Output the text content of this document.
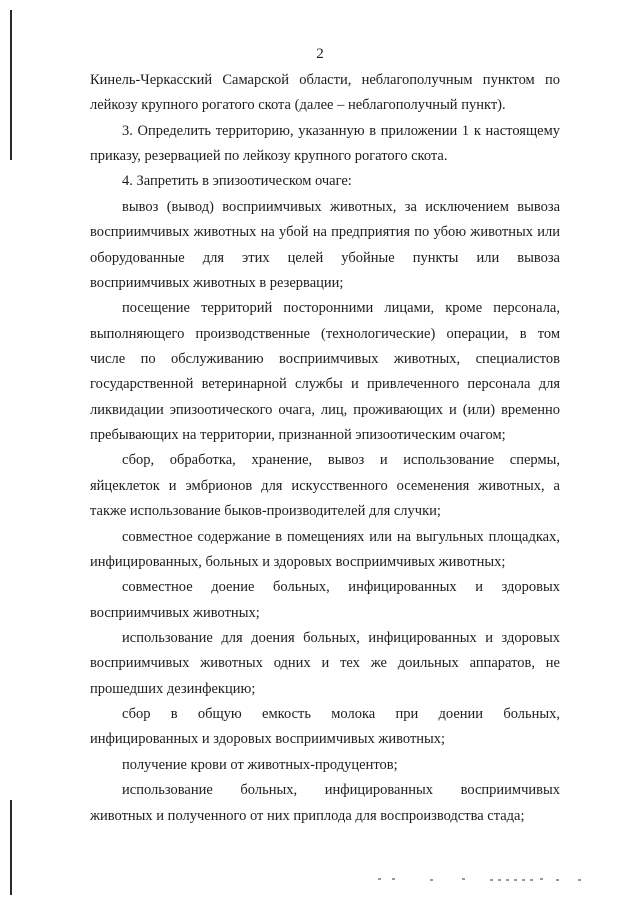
2
Кинель-Черкасский Самарской области, неблагополучным пунктом по
лейкозу крупного рогатого скота (далее – неблагополучный пункт).
3. Определить территорию, указанную в приложении 1 к настоящему
приказу, резервацией по лейкозу крупного рогатого скота.
4. Запретить в эпизоотическом очаге:
вывоз (вывод) восприимчивых животных, за исключением вывоза
восприимчивых животных на убой на предприятия по убою животных или
оборудованные для этих целей убойные пункты или вывоза
восприимчивых животных в резервации;
посещение территорий посторонними лицами, кроме персонала,
выполняющего производственные (технологические) операции, в том
числе по обслуживанию восприимчивых животных, специалистов
государственной ветеринарной службы и привлеченного персонала для
ликвидации эпизоотического очага, лиц, проживающих и (или) временно
пребывающих на территории, признанной эпизоотическим очагом;
сбор, обработка, хранение, вывоз и использование спермы,
яйцеклеток и эмбрионов для искусственного осеменения животных, а
также использование быков-производителей для случки;
совместное содержание в помещениях или на выгульных площадках,
инфицированных, больных и здоровых восприимчивых животных;
совместное доение больных, инфицированных и здоровых
восприимчивых животных;
использование для доения больных, инфицированных и здоровых
восприимчивых животных одних и тех же доильных аппаратов, не
прошедших дезинфекцию;
сбор в общую емкость молока при доении больных,
инфицированных и здоровых восприимчивых животных;
получение крови от животных-продуцентов;
использование больных, инфицированных восприимчивых
животных и полученного от них приплода для воспроизводства стада;
